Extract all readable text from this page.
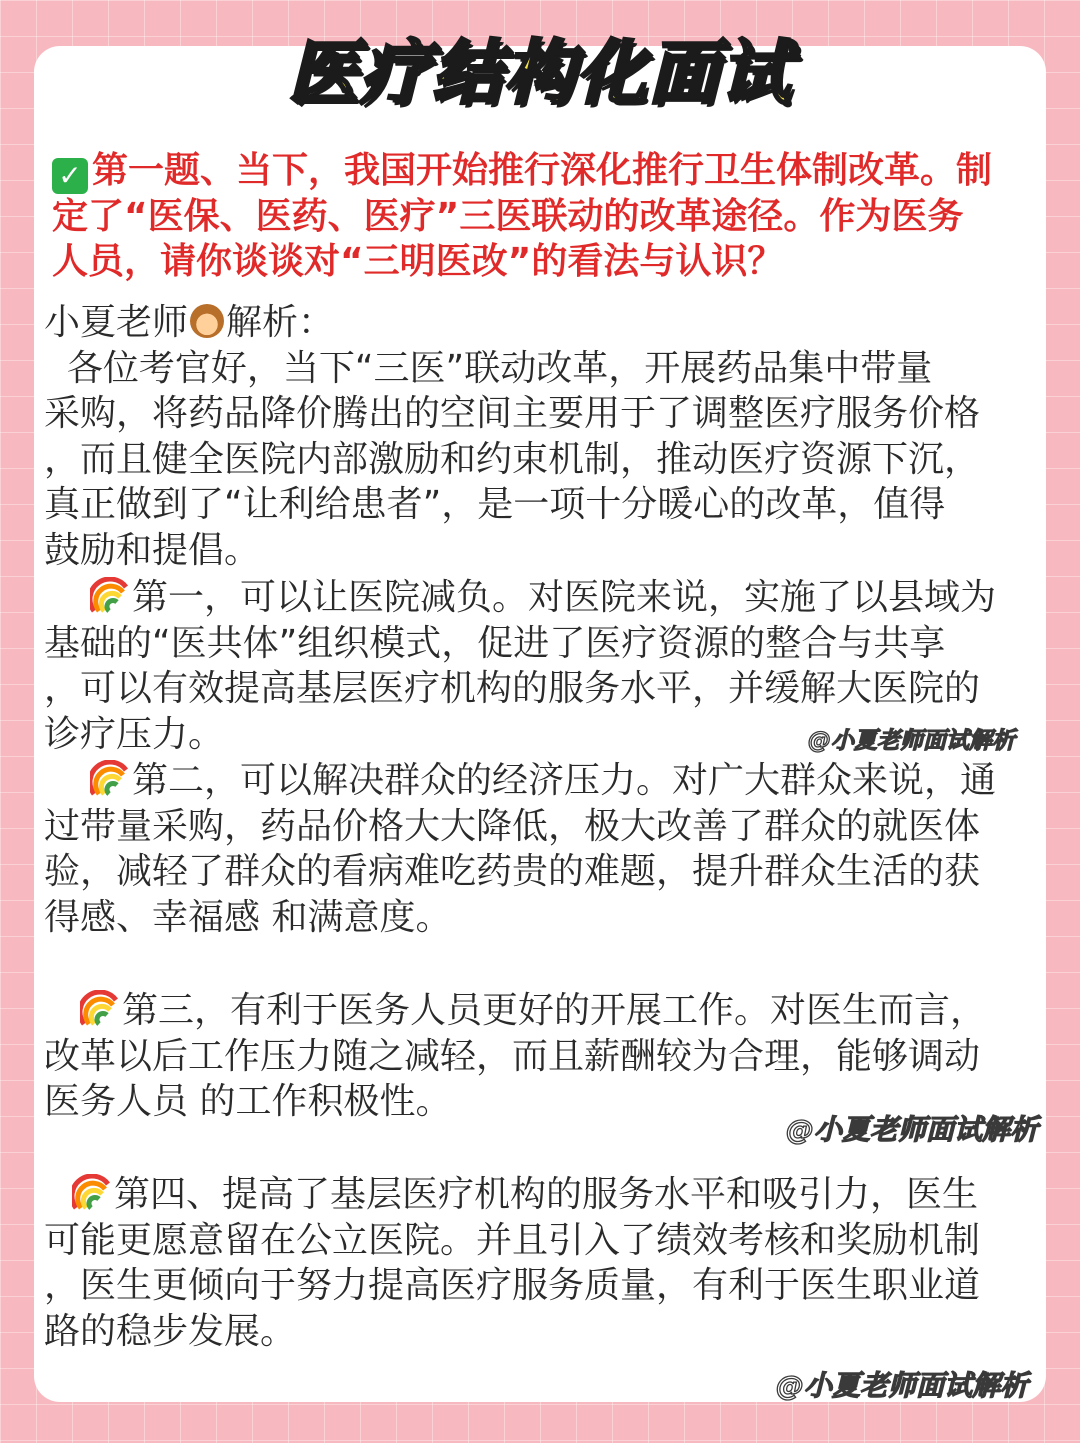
医疗结构化面试
✓ 第一题、当下，我国开始推行深化推行卫生体制改革。制
定了“医保、医药、医疗”三医联动的改革途径。作为医务
人员，请你谈谈对“三明医改”的看法与认识？
小夏老师 解析：
各位考官好，当下“三医”联动改革，开展药品集中带量
采购，将药品降价腾出的空间主要用于了调整医疗服务价格
，而且健全医院内部激励和约束机制，推动医疗资源下沉，
真正做到了“让利给患者”，是一项十分暖心的改革，值得
鼓励和提倡。
第一，可以让医院减负。对医院来说，实施了以县域为
基础的“医共体”组织模式，促进了医疗资源的整合与共享
，可以有效提高基层医疗机构的服务水平，并缓解大医院的
诊疗压力。
第二，可以解决群众的经济压力。对广大群众来说，通
过带量采购，药品价格大大降低，极大改善了群众的就医体
验，减轻了群众的看病难吃药贵的难题，提升群众生活的获
得感、幸福感 和满意度。
第三，有利于医务人员更好的开展工作。对医生而言，
改革以后工作压力随之减轻，而且薪酬较为合理，能够调动
医务人员 的工作积极性。
第四、提高了基层医疗机构的服务水平和吸引力，医生
可能更愿意留在公立医院。并且引入了绩效考核和奖励机制
，医生更倾向于努力提高医疗服务质量，有利于医生职业道
路的稳步发展。
@小夏老师面试解析
@小夏老师面试解析
@小夏老师面试解析
